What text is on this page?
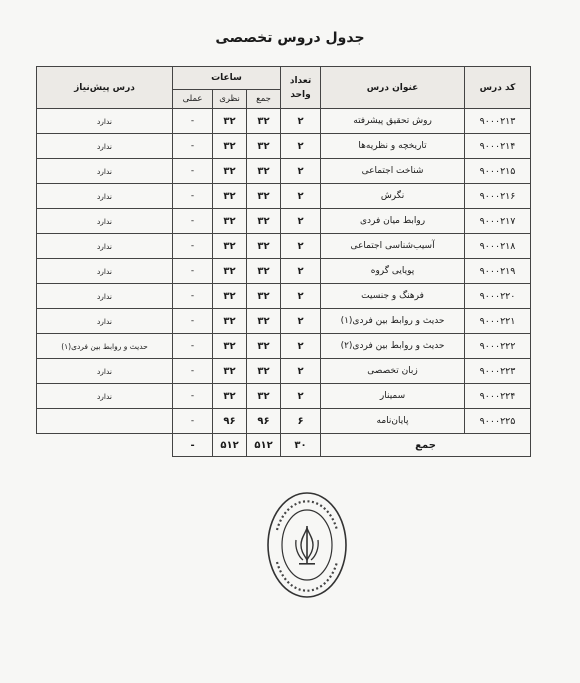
جدول دروس تخصصی
کد درس	عنوان درس	تعداد واحد	ساعات			درس پیش‌نیاز
			جمع	نظری	عملی	
۹۰۰۰۲۱۳	روش تحقیق پیشرفته	۲	۳۲	۳۲	-	ندارد
۹۰۰۰۲۱۴	تاریخچه و نظریه‌ها	۲	۳۲	۳۲	-	ندارد
۹۰۰۰۲۱۵	شناخت اجتماعی	۲	۳۲	۳۲	-	ندارد
۹۰۰۰۲۱۶	نگرش	۲	۳۲	۳۲	-	ندارد
۹۰۰۰۲۱۷	روابط میان فردی	۲	۳۲	۳۲	-	ندارد
۹۰۰۰۲۱۸	آسیب‌شناسی اجتماعی	۲	۳۲	۳۲	-	ندارد
۹۰۰۰۲۱۹	پویایی گروه	۲	۳۲	۳۲	-	ندارد
۹۰۰۰۲۲۰	فرهنگ و جنسیت	۲	۳۲	۳۲	-	ندارد
۹۰۰۰۲۲۱	حدیث و روابط بین فردی(۱)	۲	۳۲	۳۲	-	ندارد
۹۰۰۰۲۲۲	حدیث و روابط بین فردی(۲)	۲	۳۲	۳۲	-	حدیث و روابط بین فردی(۱)
۹۰۰۰۲۲۳	زبان تخصصی	۲	۳۲	۳۲	-	ندارد
۹۰۰۰۲۲۴	سمینار	۲	۳۲	۳۲	-	ندارد
۹۰۰۰۲۲۵	پایان‌نامه	۶	۹۶	۹۶	-	
جمع		۳۰	۵۱۲	۵۱۲	-	
